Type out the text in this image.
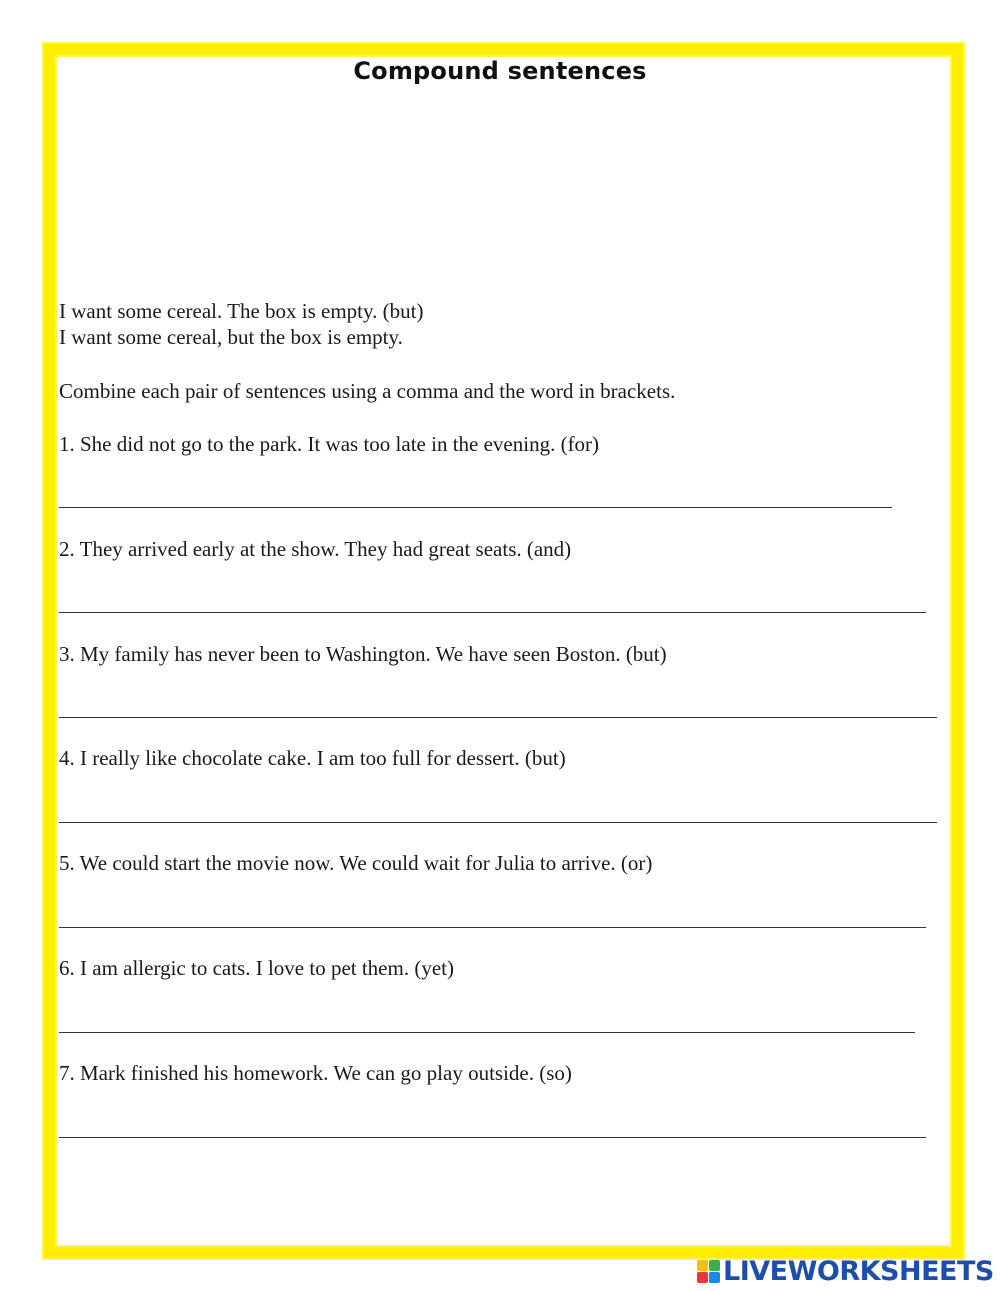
Compound sentences
I want some cereal. The box is empty. (but)
I want some cereal, but the box is empty.
Combine each pair of sentences using a comma and the word in brackets.
1. She did not go to the park. It was too late in the evening. (for)
2. They arrived early at the show. They had great seats. (and)
3. My family has never been to Washington. We have seen Boston. (but)
4. I really like chocolate cake. I am too full for dessert. (but)
5. We could start the movie now. We could wait for Julia to arrive. (or)
6. I am allergic to cats. I love to pet them. (yet)
7. Mark finished his homework. We can go play outside. (so)
LIVEWORKSHEETS
